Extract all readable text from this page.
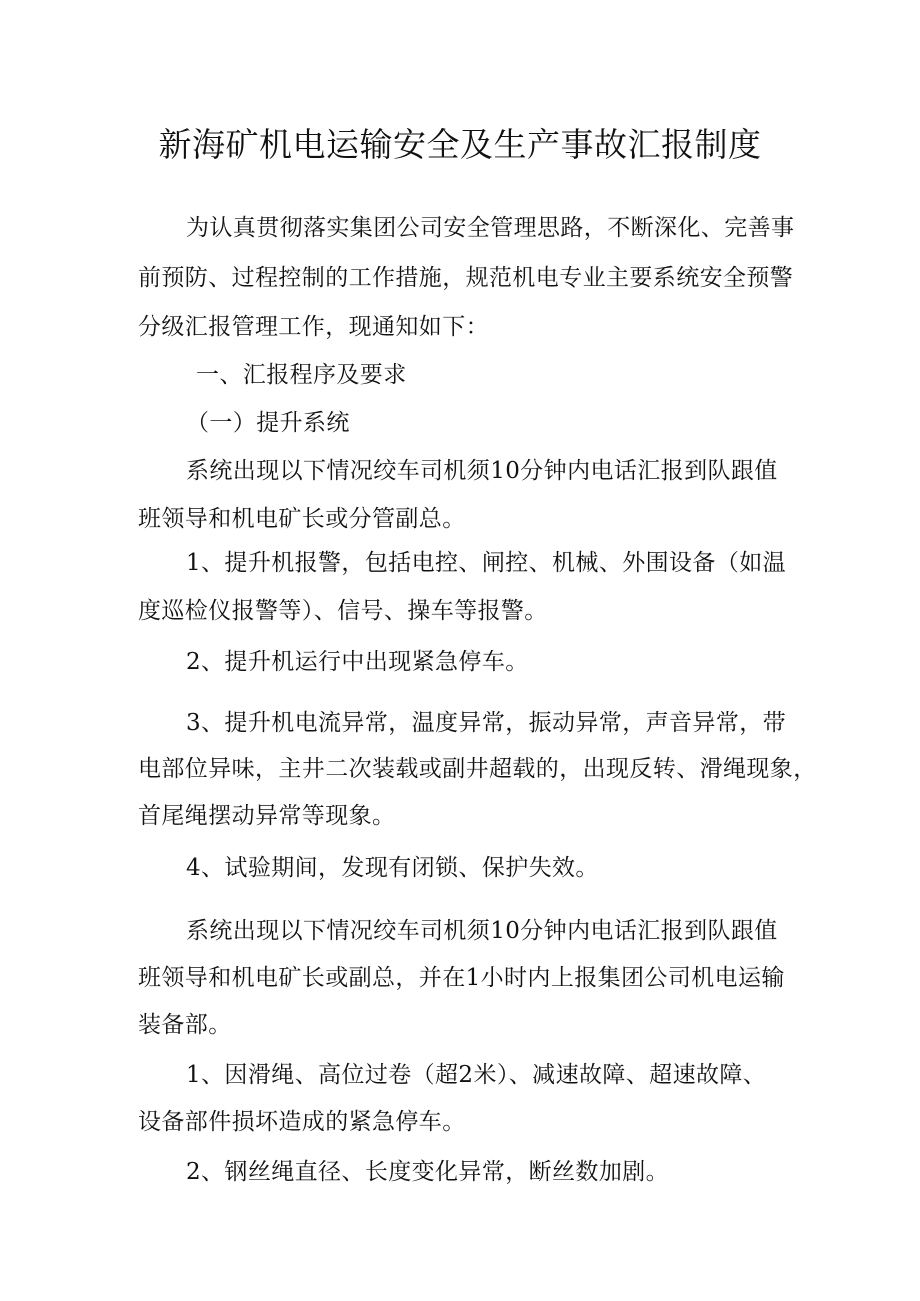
新海矿机电运输安全及生产事故汇报制度
为认真贯彻落实集团公司安全管理思路，不断深化、完善事
前预防、过程控制的工作措施，规范机电专业主要系统安全预警
分级汇报管理工作，现通知如下：
一、汇报程序及要求
（一）提升系统
系统出现以下情况绞车司机须10分钟内电话汇报到队跟值
班领导和机电矿长或分管副总。
1、提升机报警，包括电控、闸控、机械、外围设备（如温
度巡检仪报警等）、信号、操车等报警。
2、提升机运行中出现紧急停车。
3、提升机电流异常，温度异常，振动异常，声音异常，带
电部位异味，主井二次装载或副井超载的，出现反转、滑绳现象，
首尾绳摆动异常等现象。
4、试验期间，发现有闭锁、保护失效。
系统出现以下情况绞车司机须10分钟内电话汇报到队跟值
班领导和机电矿长或副总，并在1小时内上报集团公司机电运输
装备部。
1、因滑绳、高位过卷（超2米）、减速故障、超速故障、
设备部件损坏造成的紧急停车。
2、钢丝绳直径、长度变化异常，断丝数加剧。
